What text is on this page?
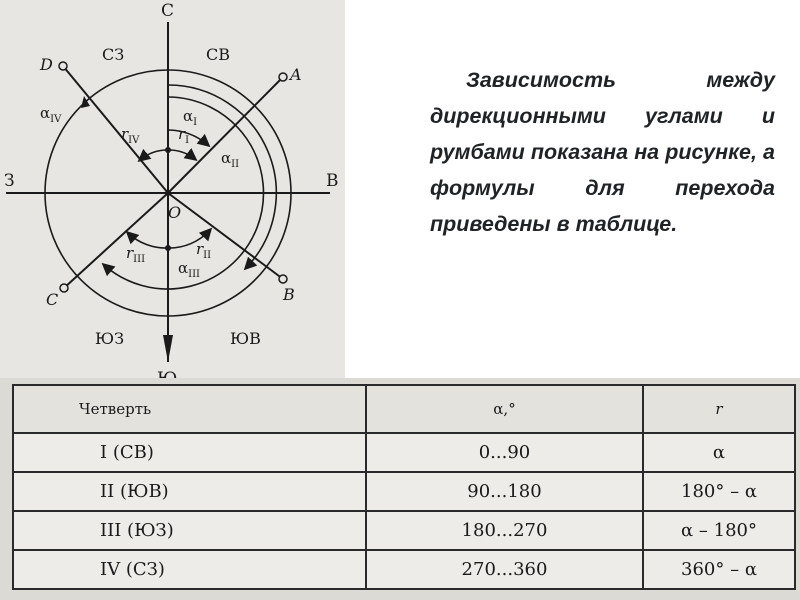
С
З	В
СЗ	СВ
ЮЗ	ЮВ
A
B
C
D
O
$\alpha_{IV}$	$\alpha_I$
$\alpha_{II}$
$\alpha_{III}$
$r_{IV}$	$r_I$
$r_{III}$
$r_{II}$

Зависимость между дирекционными углами и румбами показана на рисунке, а формулы для перехода приведены в таблице.

Четверть	α,°	r
I (СВ)	0...90	α
II (ЮВ)	90...180	180° – α
III (ЮЗ)	180...270	α – 180°
IV (СЗ)	270...360	360° – α
